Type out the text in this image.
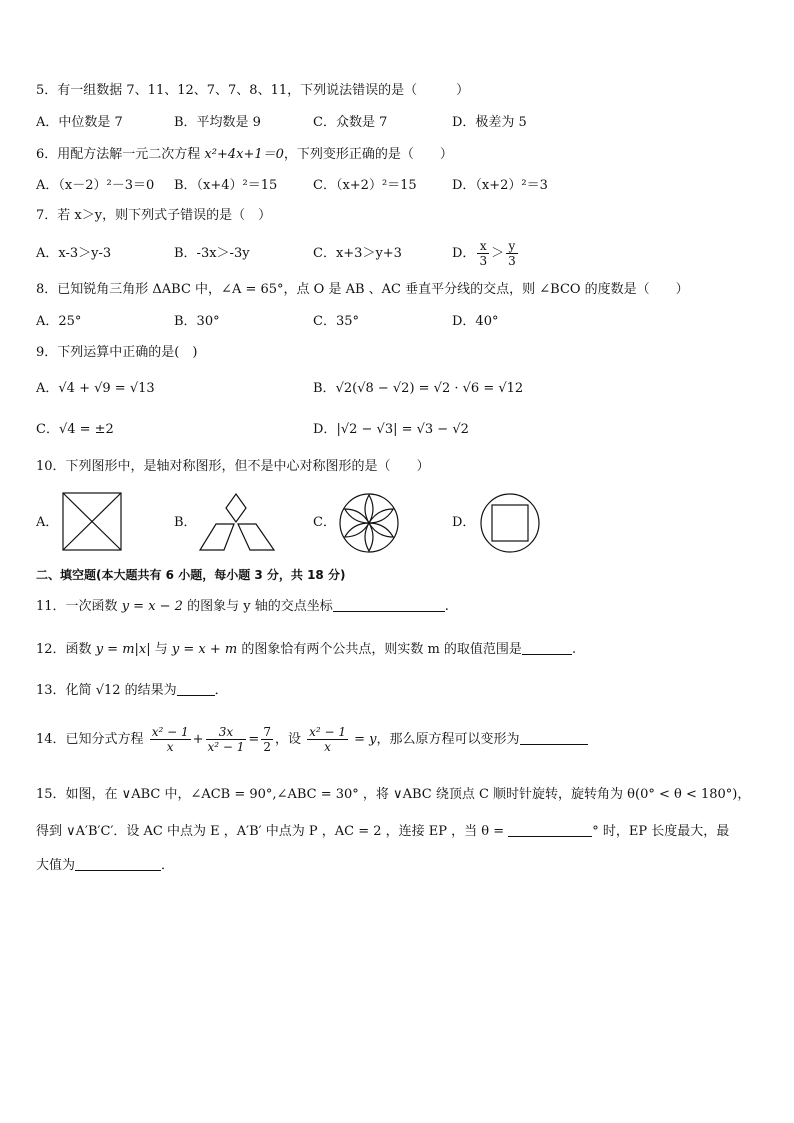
5．有一组数据 7、11、12、7、7、8、11，下列说法错误的是（　　　）
A．中位数是 7	B．平均数是 9	C．众数是 7	D．极差为 5
6．用配方法解一元二次方程 x²+4x+1＝0，下列变形正确的是（　　）
A．（x－2）²－3＝0 B．（x+4）²＝15	C．（x+2）²＝15	D．（x+2）²＝3
7．若 x＞y，则下列式子错误的是（　）
A．x-3＞y-3	B．-3x＞-3y	C．x+3＞y+3	D． $\frac{x}{3} > \frac{y}{3}$
8．已知锐角三角形 ΔABC 中，∠A = 65°，点 O 是 AB 、AC 垂直平分线的交点，则 ∠BCO 的度数是（　　）
A．25°	B．30°	C．35°	D．40°
9．下列运算中正确的是(　)
A．√4 + √9 = √13	B．√2(√8 − √2) = √2 · √6 = √12
C．√4 = ±2	D．|√2 − √3| = √3 − √2
10．下列图形中，是轴对称图形，但不是中心对称图形的是（　　）
A．	B．	C．	D．
二、填空题(本大题共有 6 小题，每小题 3 分，共 18 分)
11．一次函数 y = x − 2 的图象与 y 轴的交点坐标	.
12．函数 y = m|x| 与 y = x + m 的图象恰有两个公共点，则实数 m 的取值范围是	.
13．化简 √12 的结果为	．
14．已知分式方程 $\frac{\text{x² − 1}}{x} + \frac{3x}{\text{x² − 1}} = \frac{7}{2}$ ，设 $\frac{\text{x² − 1}}{x} = y$，那么原方程可以变形为
15．如图，在 ∨ABC 中，∠ACB = 90°,∠ABC = 30° ，将 ∨ABC 绕顶点 C 顺时针旋转，旋转角为 θ(0° < θ < 180°)，
得到 ∨A′B′C′．设 AC 中点为 E ，A′B′ 中点为 P ，AC = 2 ，连接 EP ，当 θ =	° 时，EP 长度最大，最
大值为	．
